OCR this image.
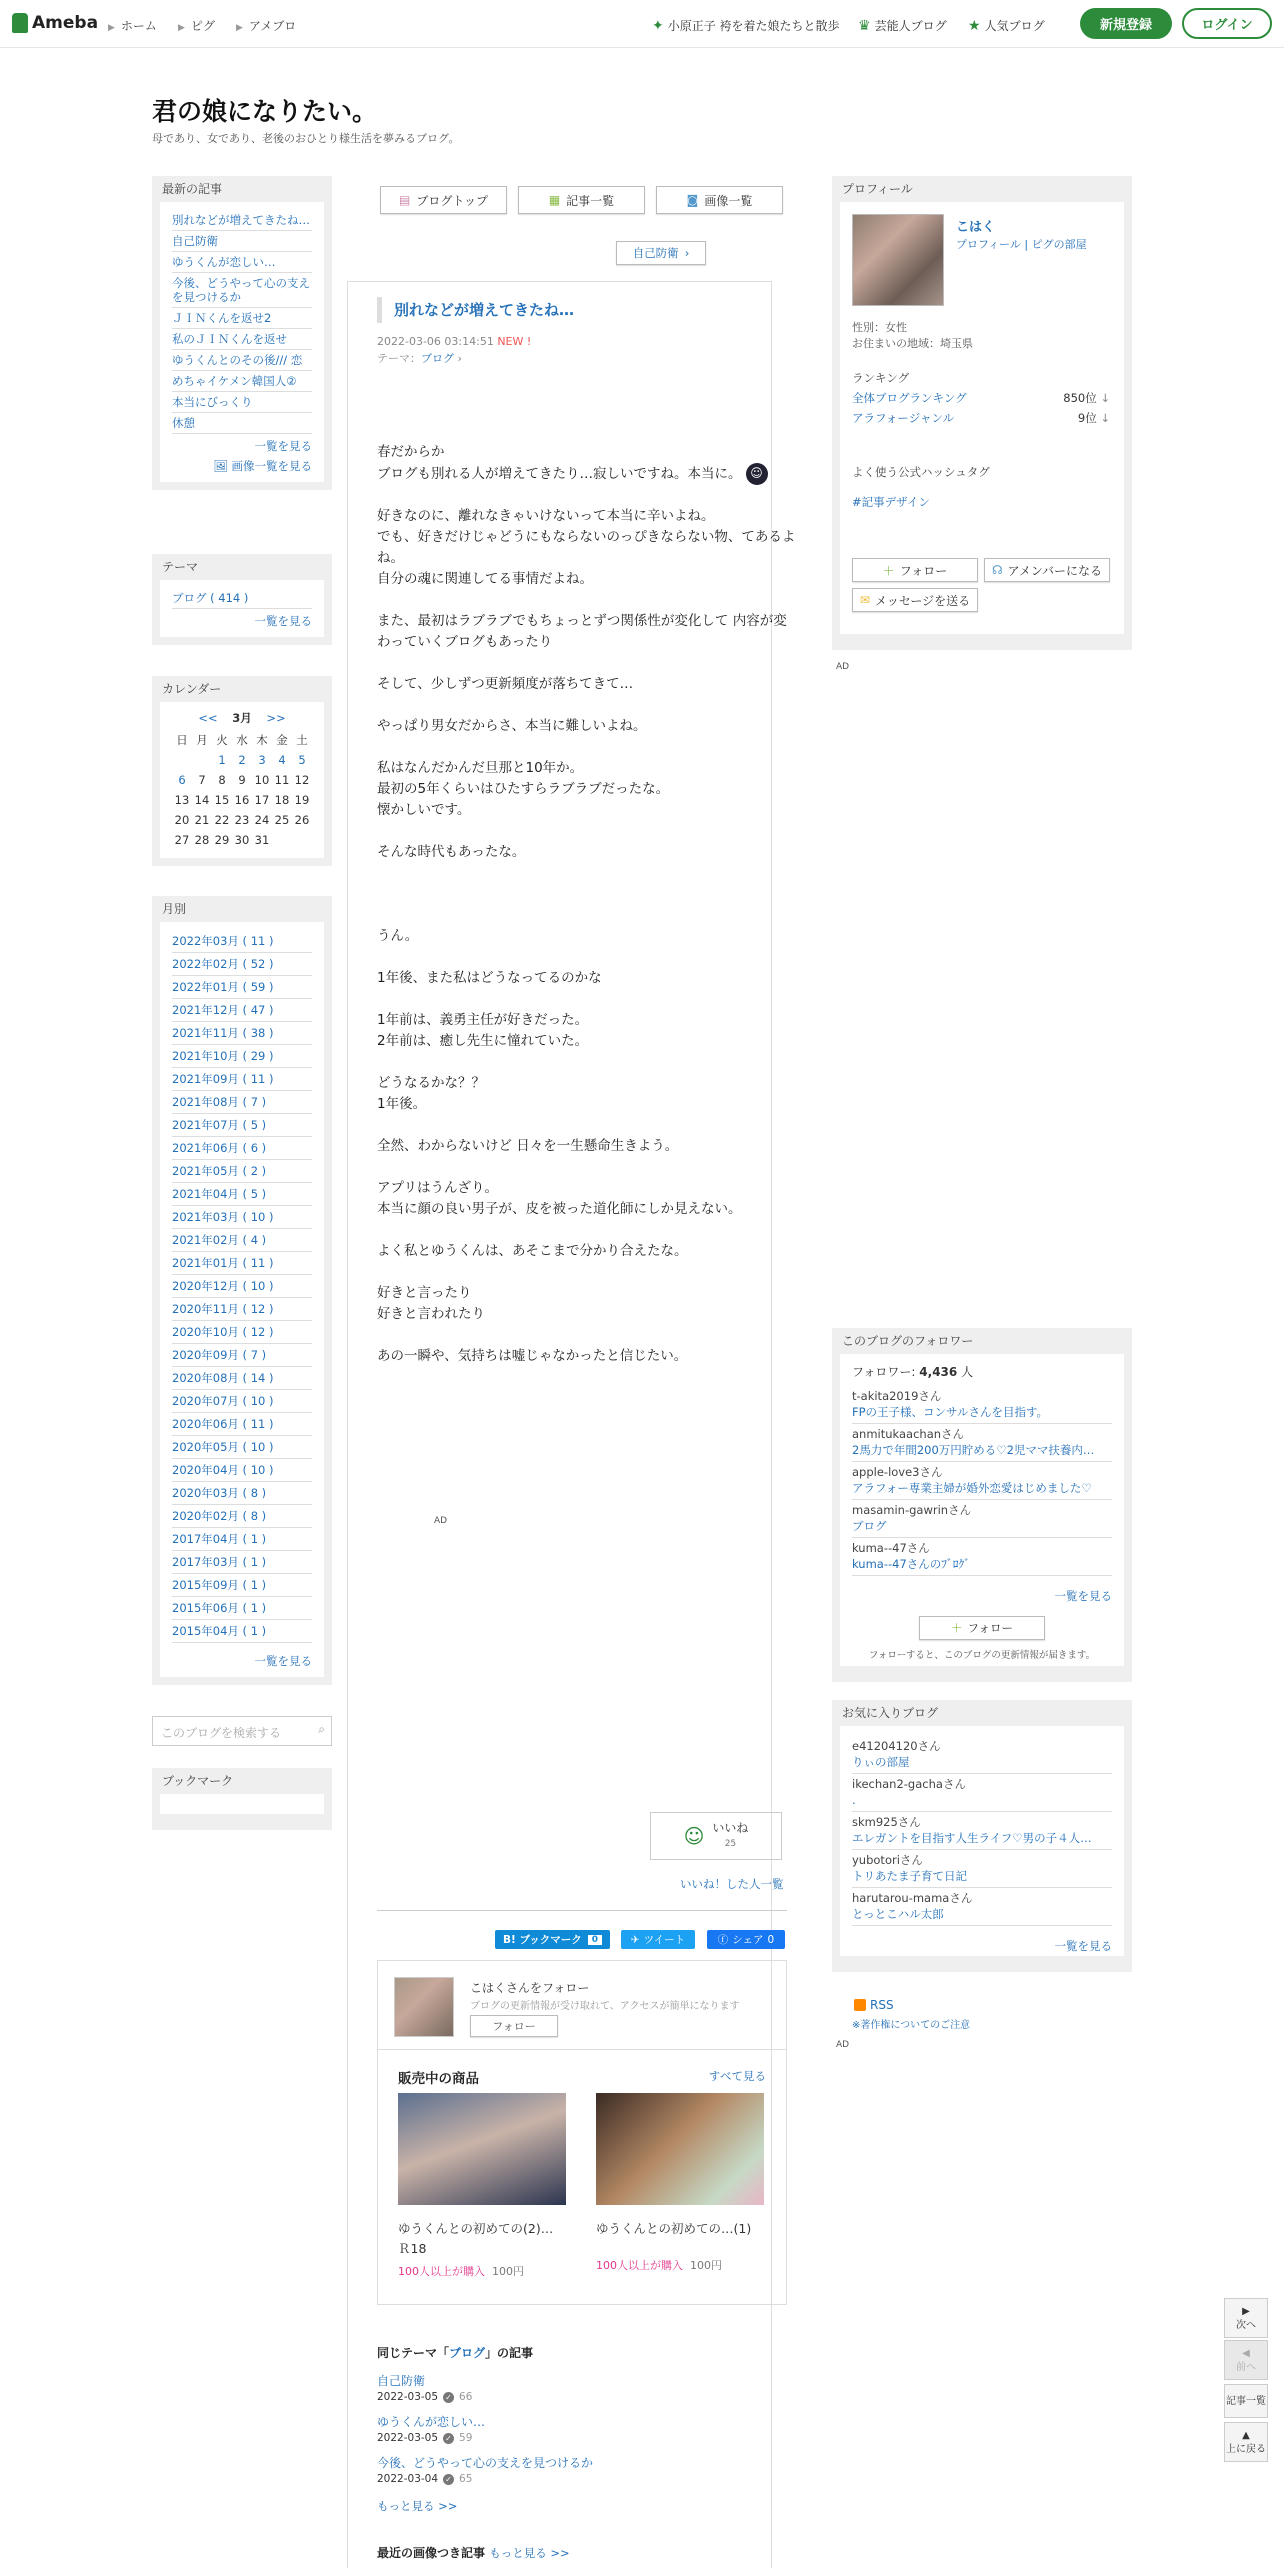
Ameba ▶ ホーム ▶ ピグ ▶ アメブロ	✦ 小原正子 袴を着た娘たちと散歩 ♛ 芸能人ブログ ★ 人気ブログ	新規登録	ログイン
君の娘になりたい。
母であり、女であり、老後のおひとり様生活を夢みるブログ。
最新の記事
別れなどが増えてきたね…
自己防衛
ゆうくんが恋しい…
今後、どうやって心の支えを見つけるか
ＪＩＮくんを返せ2
私のＪＩＮくんを返せ
ゆうくんとのその後/// 恋
めちゃイケメン韓国人②
本当にびっくり
休憩
一覧を見る
🖼 画像一覧を見る
テーマ
ブログ ( 414 )
一覧を見る
カレンダー
<< 3月 >>
日	月	火	水	木	金	土
		1	2	3	4	5
6	7	8	9	10	11	12
13	14	15	16	17	18	19
20	21	22	23	24	25	26
27	28	29	30	31		
月別
2022年03月 ( 11 )
2022年02月 ( 52 )
2022年01月 ( 59 )
2021年12月 ( 47 )
2021年11月 ( 38 )
2021年10月 ( 29 )
2021年09月 ( 11 )
2021年08月 ( 7 )
2021年07月 ( 5 )
2021年06月 ( 6 )
2021年05月 ( 2 )
2021年04月 ( 5 )
2021年03月 ( 10 )
2021年02月 ( 4 )
2021年01月 ( 11 )
2020年12月 ( 10 )
2020年11月 ( 12 )
2020年10月 ( 12 )
2020年09月 ( 7 )
2020年08月 ( 14 )
2020年07月 ( 10 )
2020年06月 ( 11 )
2020年05月 ( 10 )
2020年04月 ( 10 )
2020年03月 ( 8 )
2020年02月 ( 8 )
2017年04月 ( 1 )
2017年03月 ( 1 )
2015年09月 ( 1 )
2015年06月 ( 1 )
2015年04月 ( 1 )
一覧を見る
このブログを検索する	⌕
ブックマーク
▤ ブログトップ	▦ 記事一覧	◙ 画像一覧
自己防衛 ›
別れなどが増えてきたね…
2022-03-06 03:14:51 NEW !
テーマ：ブログ ›
春だからか
ブログも別れる人が増えてきたり…寂しいですね。本当に。 ☺
好きなのに、離れなきゃいけないって本当に辛いよね。
でも、好きだけじゃどうにもならないのっぴきならない物、てあるよね。
自分の魂に関連してる事情だよね。
また、最初はラブラブでもちょっとずつ関係性が変化して 内容が変わっていくブログもあったり
そして、少しずつ更新頻度が落ちてきて…
やっぱり男女だからさ、本当に難しいよね。
私はなんだかんだ旦那と10年か。
最初の5年くらいはひたすらラブラブだったな。
懐かしいです。
そんな時代もあったな。
うん。
1年後、また私はどうなってるのかな
1年前は、義勇主任が好きだった。
2年前は、癒し先生に憧れていた。
どうなるかな？？
1年後。
全然、わからないけど 日々を一生懸命生きよう。
アプリはうんざり。
本当に顔の良い男子が、皮を被った道化師にしか見えない。
よく私とゆうくんは、あそこまで分かり合えたな。
好きと言ったり
好きと言われたり
あの一瞬や、気持ちは嘘じゃなかったと信じたい。
AD
☺ いいね
25
いいね！した人一覧
B! ブックマーク	0	✈ ツイート	ⓕ シェア 0
こはくさんをフォロー
ブログの更新情報が受け取れて、アクセスが簡単になります
フォロー
販売中の商品	すべて見る
ゆうくんとの初めての(2)…
Ｒ18
100人以上が購入 100円
ゆうくんとの初めての…(1)
100人以上が購入 100円
同じテーマ「ブログ」の記事
自己防衛
2022-03-05 ✓ 66
ゆうくんが恋しい…
2022-03-05 ✓ 59
今後、どうやって心の支えを見つけるか
2022-03-04 ✓ 65
もっと見る >>
最近の画像つき記事 もっと見る >>
プロフィール
こはく
プロフィール | ピグの部屋
性別：女性
お住まいの地域：埼玉県
ランキング
全体ブログランキング	850位 ↓
アラフォージャンル	9位 ↓
よく使う公式ハッシュタグ
#記事デザイン
＋ フォロー	☊ アメンバーになる
✉ メッセージを送る
AD
このブログのフォロワー
フォロワー: 4,436 人
t-akita2019さん
FPの王子様、コンサルさんを目指す。
anmitukaachanさん
2馬力で年間200万円貯める♡2児ママ扶養内…
apple-love3さん
アラフォー専業主婦が婚外恋愛はじめました♡
masamin-gawrinさん
ブログ
kuma--47さん
kuma--47さんのﾌﾞﾛｸﾞ
一覧を見る
＋ フォロー
フォローすると、このブログの更新情報が届きます。
お気に入りブログ
e41204120さん
りぃの部屋
ikechan2-gachaさん
.
skm925さん
エレガントを目指す人生ライフ♡男の子４人…
yubotoriさん
トリあたま子育て日記
harutarou-mamaさん
とっとこハル太郎
一覧を見る
RSS
※著作権についてのご注意
AD
▶
次へ
◀
前へ
記事一覧
▲
上に戻る
